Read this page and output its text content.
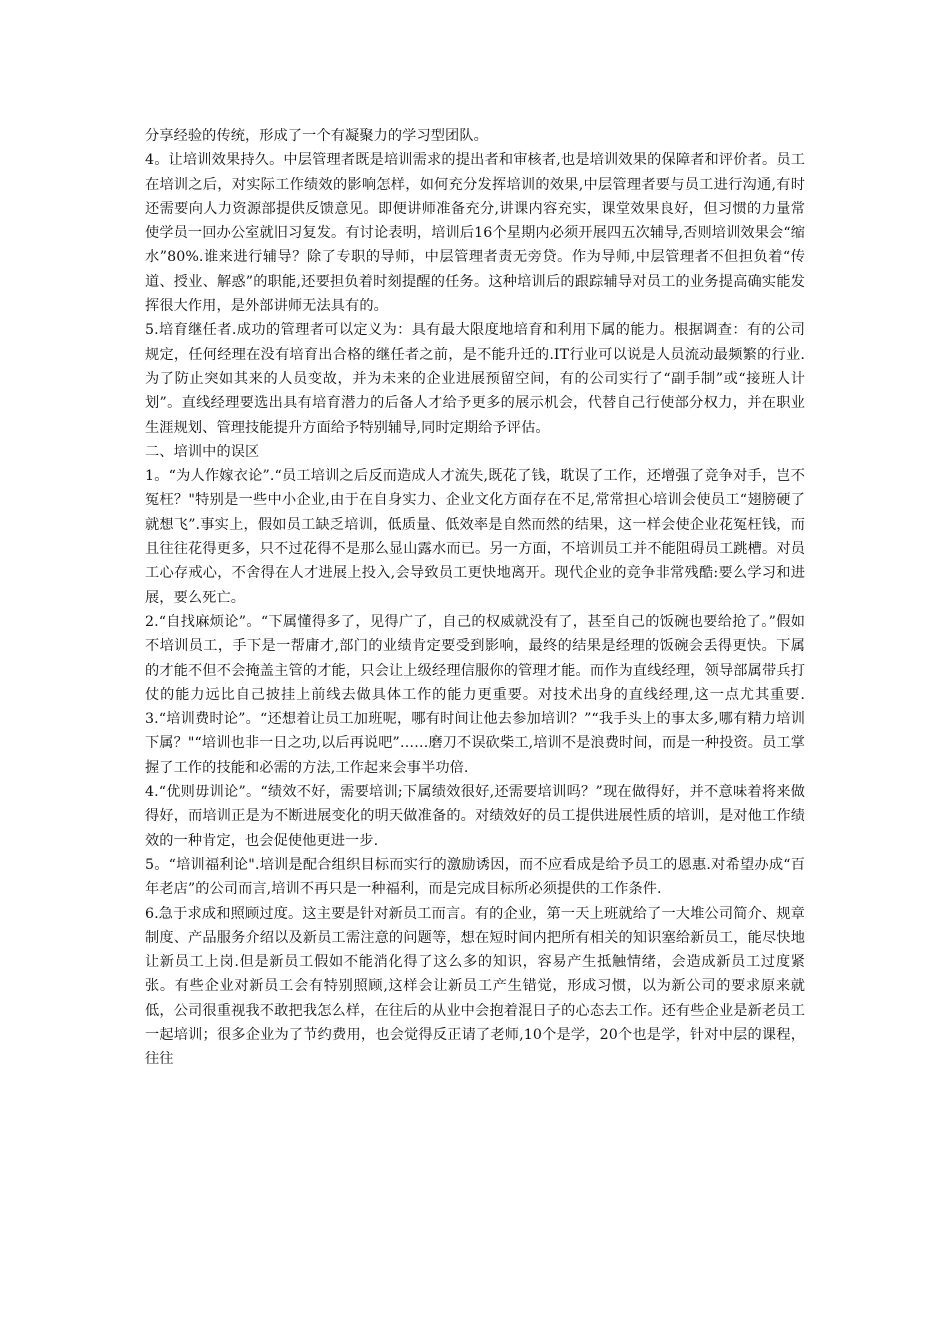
分享经验的传统，形成了一个有凝聚力的学习型团队。

4。让培训效果持久。中层管理者既是培训需求的提出者和审核者,也是培训效果的保障者和评价者。员工在培训之后，对实际工作绩效的影响怎样，如何充分发挥培训的效果,中层管理者要与员工进行沟通,有时还需要向人力资源部提供反馈意见。即便讲师准备充分,讲课内容充实，课堂效果良好，但习惯的力量常使学员一回办公室就旧习复发。有讨论表明，培训后16个星期内必须开展四五次辅导,否则培训效果会“缩水”80%.谁来进行辅导？除了专职的导师，中层管理者责无旁贷。作为导师,中层管理者不但担负着“传道、授业、解惑”的职能,还要担负着时刻提醒的任务。这种培训后的跟踪辅导对员工的业务提高确实能发挥很大作用，是外部讲师无法具有的。

5.培育继任者.成功的管理者可以定义为：具有最大限度地培育和利用下属的能力。根据调查：有的公司规定，任何经理在没有培育出合格的继任者之前，是不能升迁的.IT行业可以说是人员流动最频繁的行业.为了防止突如其来的人员变故，并为未来的企业进展预留空间，有的公司实行了“副手制”或“接班人计划”。直线经理要选出具有培育潜力的后备人才给予更多的展示机会，代替自己行使部分权力，并在职业生涯规划、管理技能提升方面给予特别辅导,同时定期给予评估。

二、培训中的误区

1。“为人作嫁衣论”.“员工培训之后反而造成人才流失,既花了钱，耽误了工作，还增强了竞争对手，岂不冤枉？"特别是一些中小企业,由于在自身实力、企业文化方面存在不足,常常担心培训会使员工“翅膀硬了就想飞”.事实上，假如员工缺乏培训，低质量、低效率是自然而然的结果，这一样会使企业花冤枉钱，而且往往花得更多，只不过花得不是那么显山露水而已。另一方面，不培训员工并不能阻碍员工跳槽。对员工心存戒心，不舍得在人才进展上投入,会导致员工更快地离开。现代企业的竞争非常残酷:要么学习和进展，要么死亡。

2.“自找麻烦论”。“下属懂得多了，见得广了，自己的权威就没有了，甚至自己的饭碗也要给抢了。”假如不培训员工，手下是一帮庸才,部门的业绩肯定要受到影响，最终的结果是经理的饭碗会丢得更快。下属的才能不但不会掩盖主管的才能，只会让上级经理信服你的管理才能。而作为直线经理，领导部属带兵打仗的能力远比自己披挂上前线去做具体工作的能力更重要。对技术出身的直线经理,这一点尤其重要.　　3.“培训费时论”。“还想着让员工加班呢，哪有时间让他去参加培训？”“我手头上的事太多,哪有精力培训下属？"“培训也非一日之功,以后再说吧”……磨刀不误砍柴工,培训不是浪费时间，而是一种投资。员工掌握了工作的技能和必需的方法,工作起来会事半功倍.

4.“优则毋训论”。“绩效不好，需要培训;下属绩效很好,还需要培训吗？”现在做得好，并不意味着将来做得好，而培训正是为不断进展变化的明天做准备的。对绩效好的员工提供进展性质的培训，是对他工作绩效的一种肯定，也会促使他更进一步.

5。“培训福利论".培训是配合组织目标而实行的激励诱因，而不应看成是给予员工的恩惠.对希望办成“百年老店”的公司而言,培训不再只是一种福利，而是完成目标所必须提供的工作条件.

6.急于求成和照顾过度。这主要是针对新员工而言。有的企业，第一天上班就给了一大堆公司简介、规章制度、产品服务介绍以及新员工需注意的问题等，想在短时间内把所有相关的知识塞给新员工，能尽快地让新员工上岗.但是新员工假如不能消化得了这么多的知识，容易产生抵触情绪，会造成新员工过度紧张。有些企业对新员工会有特别照顾,这样会让新员工产生错觉，形成习惯，以为新公司的要求原来就低，公司很重视我不敢把我怎么样，在往后的从业中会抱着混日子的心态去工作。还有些企业是新老员工一起培训；很多企业为了节约费用，也会觉得反正请了老师,10个是学，20个也是学，针对中层的课程，往往
